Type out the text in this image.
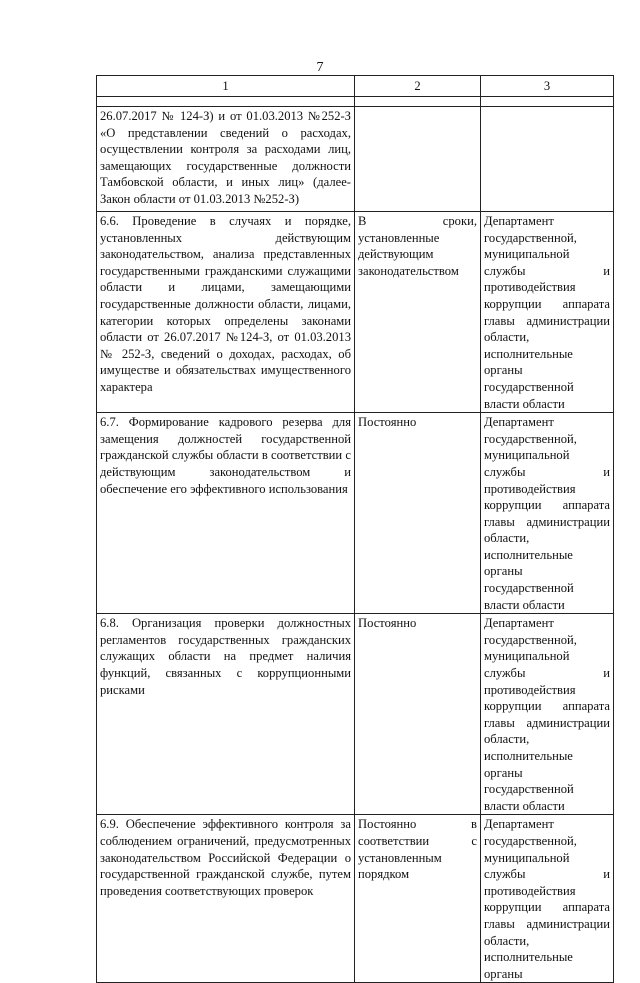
7
1	2	3

26.07.2017 № 124-З) и от 01.03.2013 №252-З «О представлении сведений о расходах, осуществлении контроля за расходами лиц, замещающих государственные должности Тамбовской области, и иных лиц» (далее-Закон области от 01.03.2013 №252-З)		
6.6. Проведение в случаях и порядке, установленных действующим законодательством, анализа представленных государственными гражданскими служащими области и лицами, замещающими государственные должности области, лицами, категории которых определены законами области от 26.07.2017 №124-З, от 01.03.2013 № 252-З, сведений о доходах, расходах, об имуществе и обязательствах имущественного характера	В сроки, установленные действующим законодательством	Департамент государственной, муниципальной службы и противодействия коррупции аппарата главы администрации области, исполнительные органы государственной власти области
6.7. Формирование кадрового резерва для замещения должностей государственной гражданской службы области в соответствии с действующим законодательством и обеспечение его эффективного использования	Постоянно	Департамент государственной, муниципальной службы и противодействия коррупции аппарата главы администрации области, исполнительные органы государственной власти области
6.8. Организация проверки должностных регламентов государственных гражданских служащих области на предмет наличия функций, связанных с коррупционными рисками	Постоянно	Департамент государственной, муниципальной службы и противодействия коррупции аппарата главы администрации области, исполнительные органы государственной власти области
6.9. Обеспечение эффективного контроля за соблюдением ограничений, предусмотренных законодательством Российской Федерации о государственной гражданской службе, путем проведения соответствующих проверок	Постоянно в соответствии с установленным порядком	Департамент государственной, муниципальной службы и противодействия коррупции аппарата главы администрации области, исполнительные органы
